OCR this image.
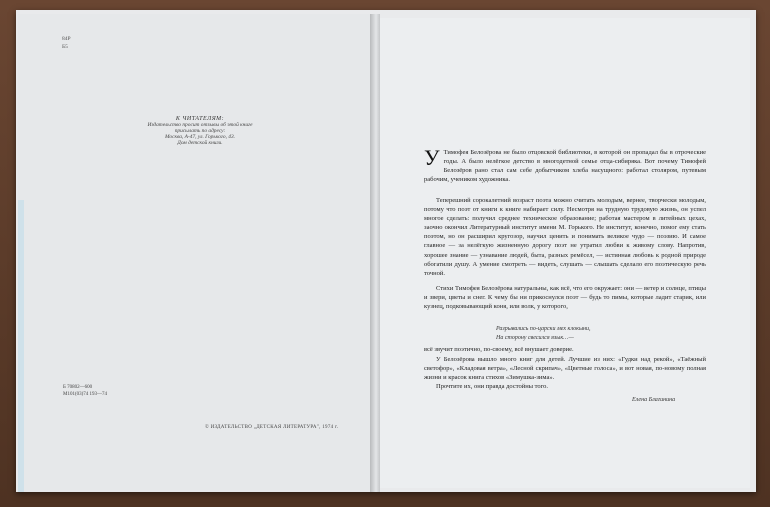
84Р
Б5
К ЧИТАТЕЛЯМ:
Издательство просит отзывы об этой книге
присылать по адресу:
Москва, А-47, ул. Горького, 43.
Дом детской книги.
Б 70802—600
М101(03)74 193—74
© ИЗДАТЕЛЬСТВО „ДЕТСКАЯ ЛИТЕРАТУРА", 1974 г.
У Тимофея Белозёрова не было отцовской библиотеки, в которой он пропадал бы в отроческие годы. А было нелёгкое детство в многодетной семье отца-сибиряка. Вот почему Тимофей Белозёров рано стал сам себе добытчиком хлеба насущного: работал столяром, путевым рабочим, учеником художника.

Теперешний сорокалетний возраст поэта можно считать молодым, вернее, творчески молодым, потому что поэт от книги к книге набирает силу. Несмотря на трудную трудовую жизнь, он успел многое сделать: получил среднее техническое образование; работая мастером в литейных цехах, заочно окончил Литературный институт имени М. Горького. Не институт, конечно, помог ему стать поэтом, но он расширил кругозор, научил ценить и понимать великое чудо — поэзию. И самое главное — за нелёгкую жизненную дорогу поэт не утратил любви к живому слову. Напротив, хорошее знание — узнавание людей, быта, разных ремёсел, — истинная любовь к родной природе обогатили душу. А умение смотреть — видеть, слушать — слышать сделало его поэтическую речь точной.

Стихи Тимофея Белозёрова натуральны, как всё, что его окружает: они — ветер и солнце, птицы и звери, цветы и снег. К чему бы ни прикоснулся поэт — будь то пимы, которые ладит старик, или кузнец, подковывающий коня, или волк, у которого,

Разрывались по-царски мех клокыни,
На сторону свесился язык…—
всё звучит поэтично, по-своему, всё внушает доверие.

У Белозёрова вышло много книг для детей. Лучшие из них: «Гудки над рекой», «Таёжный светофор», «Кладовая ветра», «Лесной скрипач», «Цветные голоса», и вот новая, по-новому полная жизни и красок книга стихов «Зимушка-зима».

Прочтите их, они правда достойны того.

Елена Благинина
